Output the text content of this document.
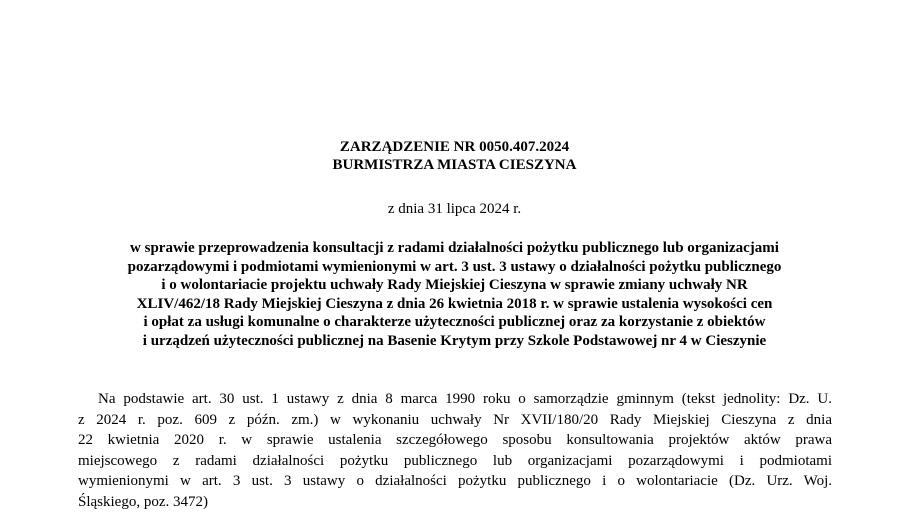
ZARZĄDZENIE NR 0050.407.2024
BURMISTRZA MIASTA CIESZYNA
z dnia 31 lipca 2024 r.
w sprawie przeprowadzenia konsultacji z radami działalności pożytku publicznego lub organizacjami
pozarządowymi i podmiotami wymienionymi w art. 3 ust. 3 ustawy o działalności pożytku publicznego
i o wolontariacie projektu uchwały Rady Miejskiej Cieszyna w sprawie zmiany uchwały NR
XLIV/462/18 Rady Miejskiej Cieszyna z dnia 26 kwietnia 2018 r. w sprawie ustalenia wysokości cen
i opłat za usługi komunalne o charakterze użyteczności publicznej oraz za korzystanie z obiektów
i urządzeń użyteczności publicznej na Basenie Krytym przy Szkole Podstawowej nr 4 w Cieszynie
Na podstawie art. 30 ust. 1 ustawy z dnia 8 marca 1990 roku o samorządzie gminnym (tekst jednolity: Dz. U.
z 2024 r. poz. 609 z późn. zm.) w wykonaniu uchwały Nr XVII/180/20 Rady Miejskiej Cieszyna z dnia
22 kwietnia 2020 r. w sprawie ustalenia szczegółowego sposobu konsultowania projektów aktów prawa
miejscowego z radami działalności pożytku publicznego lub organizacjami pozarządowymi i podmiotami
wymienionymi w art. 3 ust. 3 ustawy o działalności pożytku publicznego i o wolontariacie (Dz. Urz. Woj.
Śląskiego, poz. 3472)
